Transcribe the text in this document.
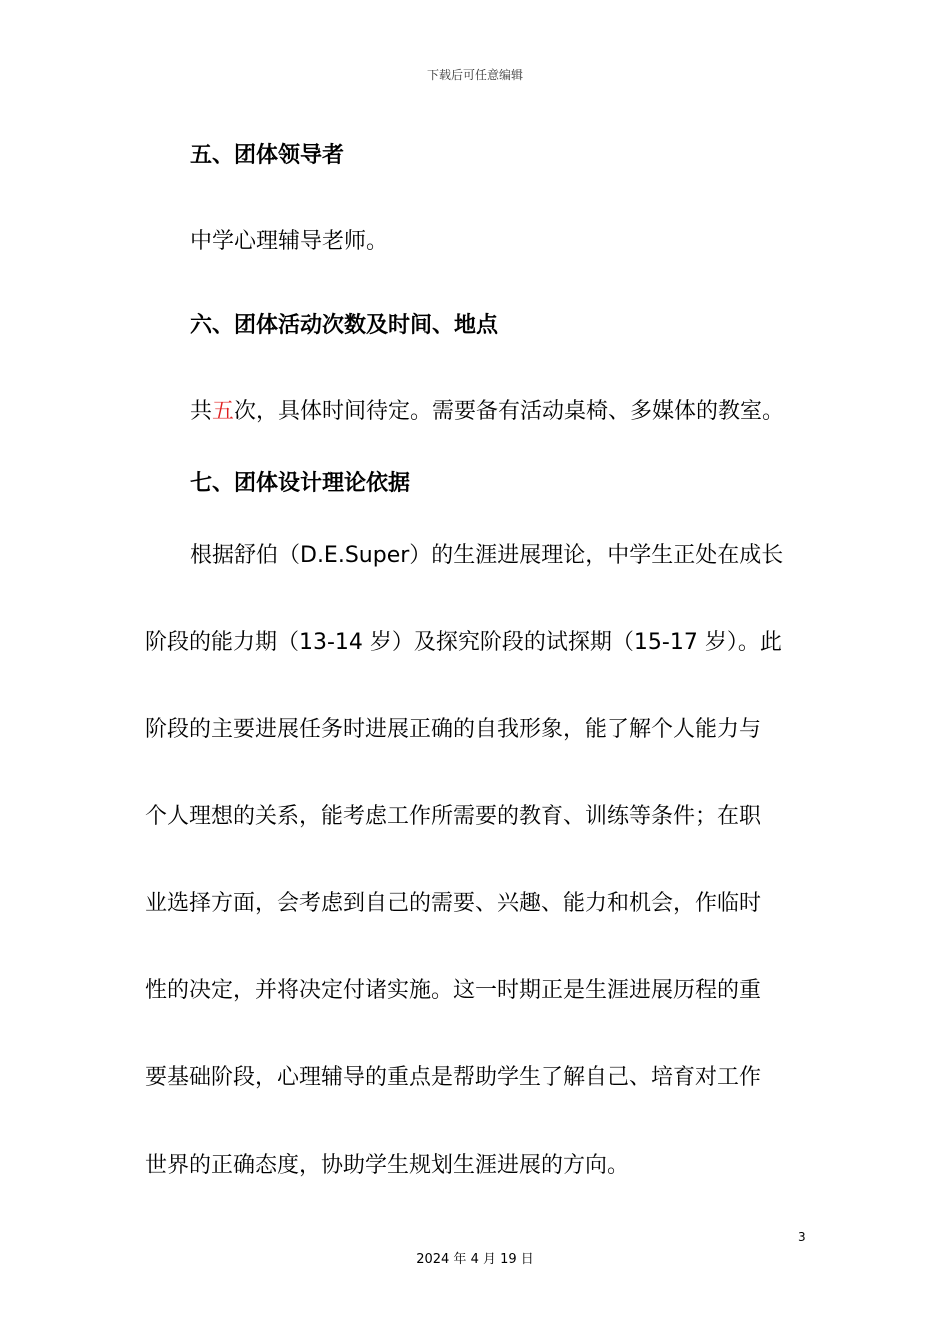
下载后可任意编辑
五、团体领导者
中学心理辅导老师。
六、团体活动次数及时间、地点
共五次，具体时间待定。需要备有活动桌椅、多媒体的教室。
七、团体设计理论依据
根据舒伯（D.E.Super）的生涯进展理论，中学生正处在成长
阶段的能力期（13-14 岁）及探究阶段的试探期（15-17 岁）。此
阶段的主要进展任务时进展正确的自我形象，能了解个人能力与
个人理想的关系，能考虑工作所需要的教育、训练等条件；在职
业选择方面，会考虑到自己的需要、兴趣、能力和机会，作临时
性的决定，并将决定付诸实施。这一时期正是生涯进展历程的重
要基础阶段，心理辅导的重点是帮助学生了解自己、培育对工作
世界的正确态度，协助学生规划生涯进展的方向。
3
2024 年 4 月 19 日
